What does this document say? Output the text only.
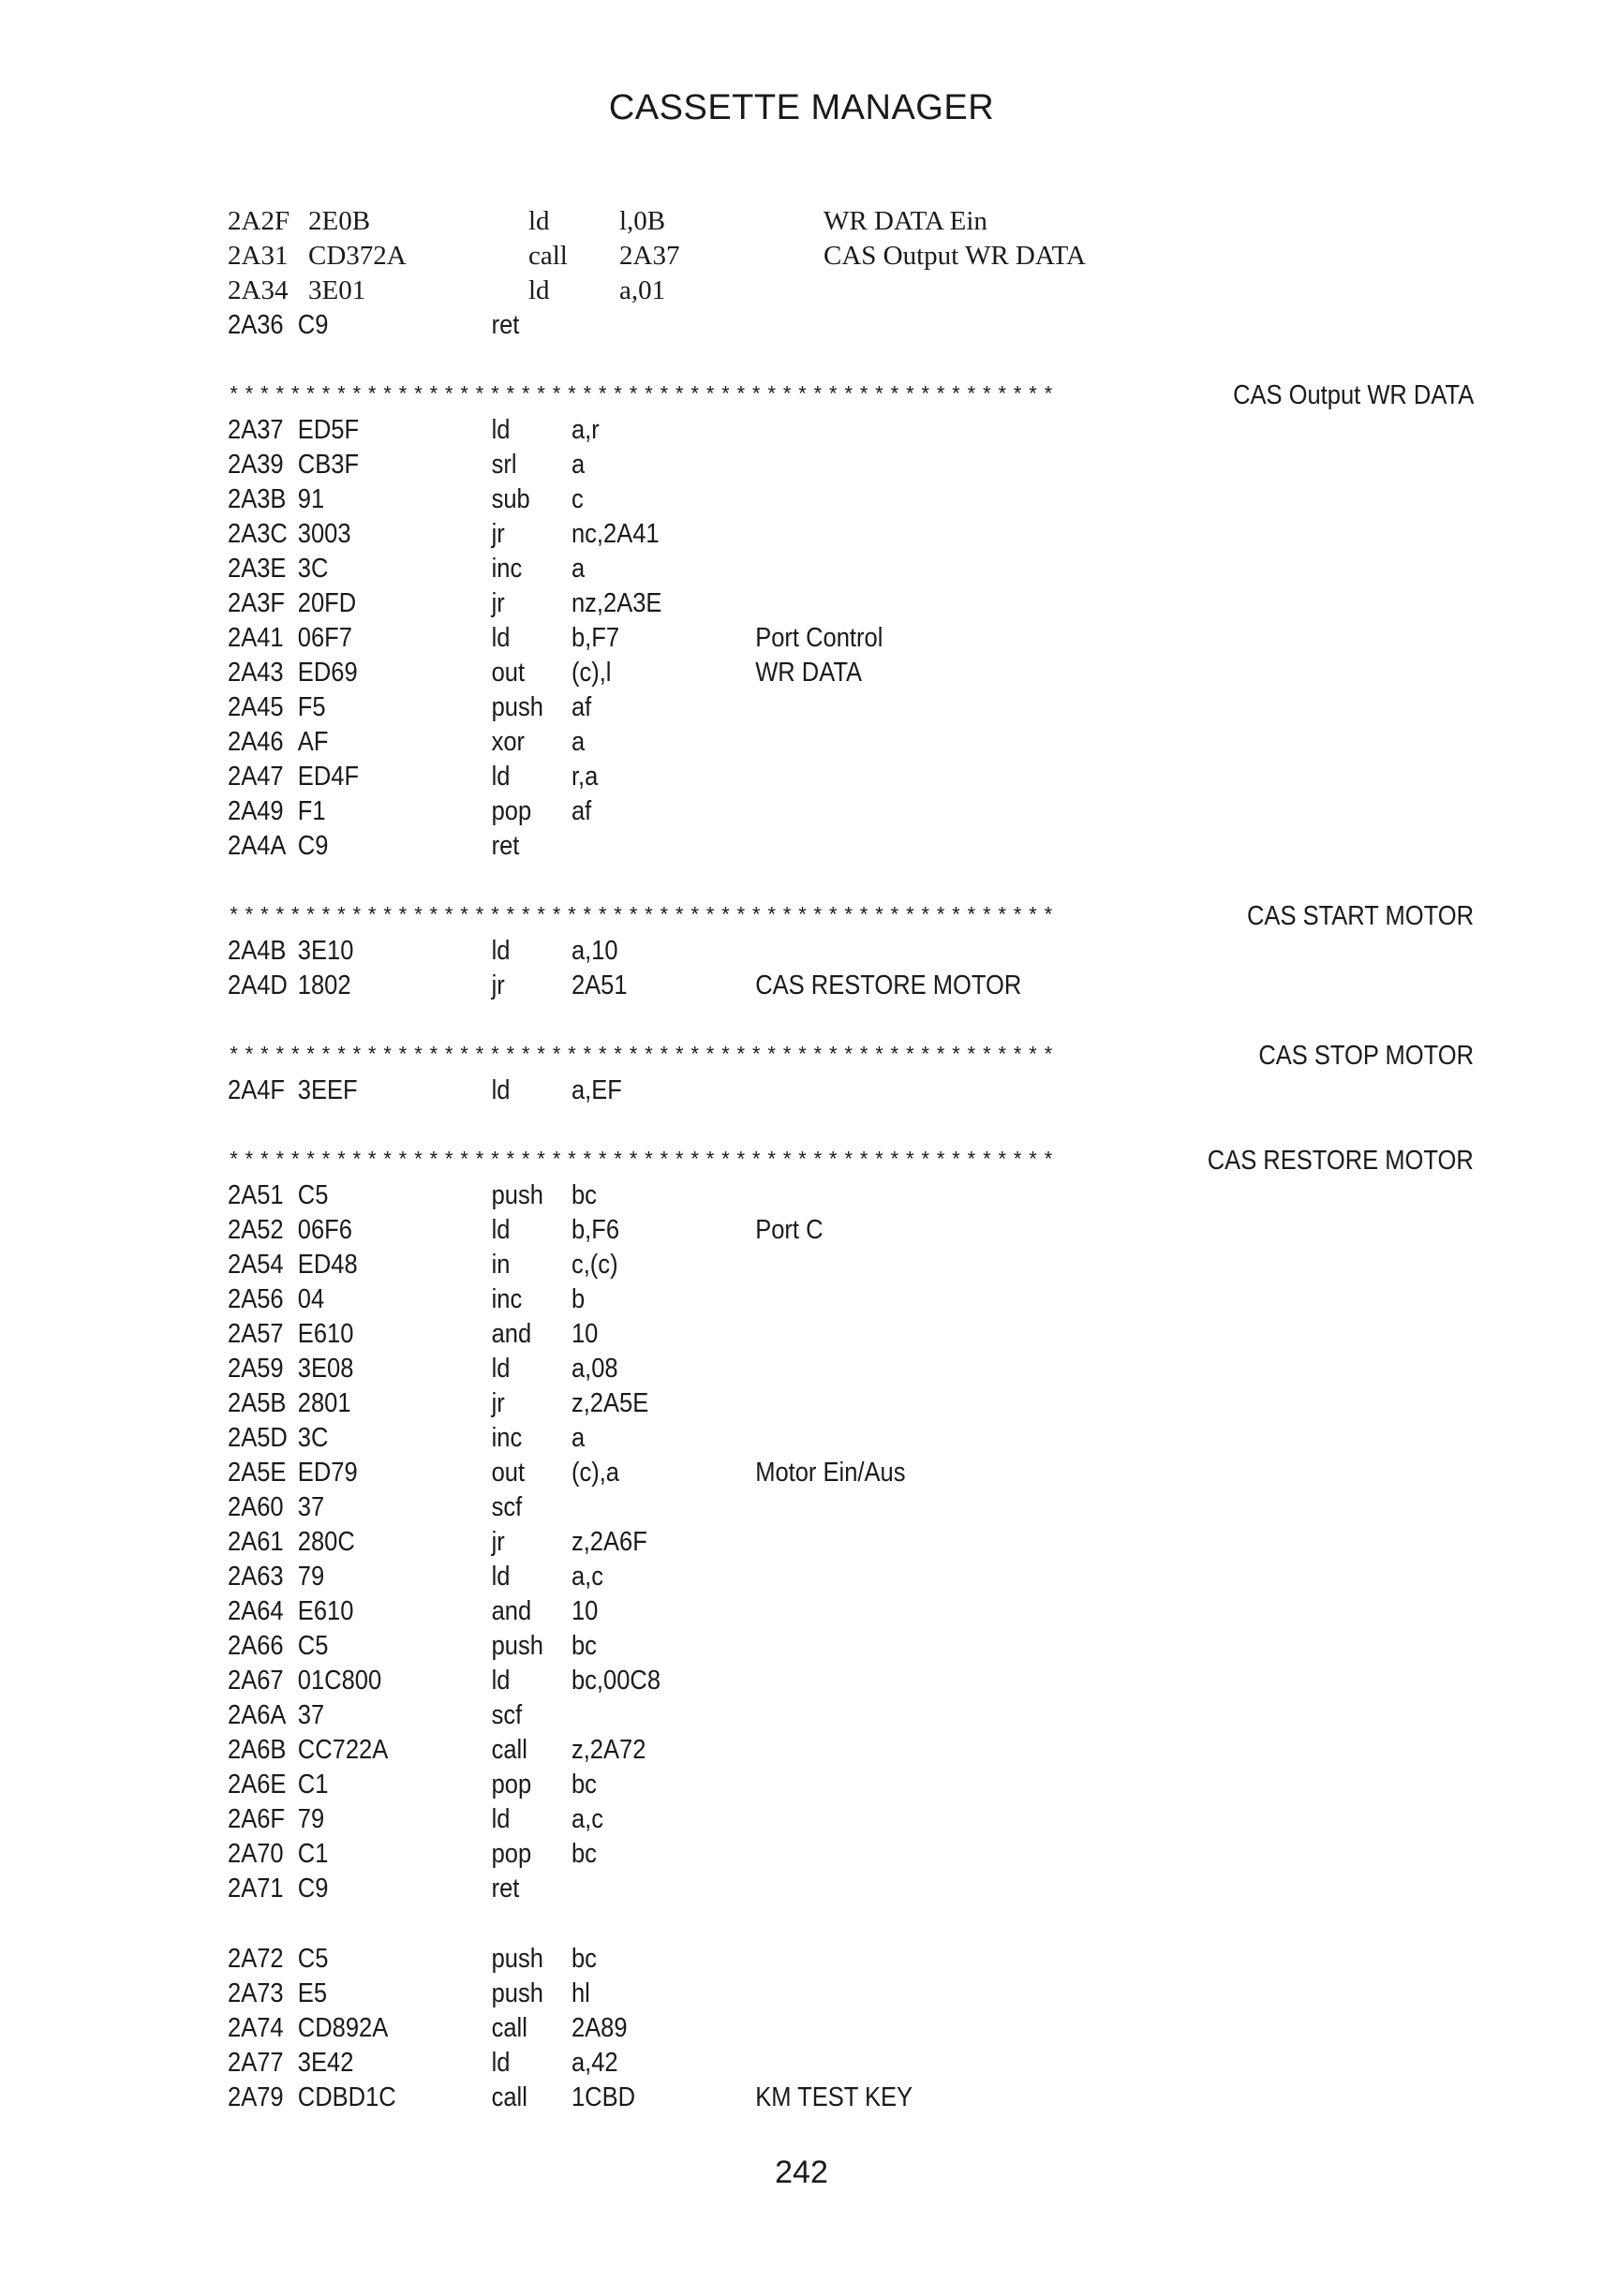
CASSETTE MANAGER
2A2F 2E0B	ld	l,0B	WR DATA Ein
2A31 CD372A	call 2A37	CAS Output WR DATA
2A34 3E01	ld	a,01
2A36 C9	ret
******************************************************	CAS Output WR DATA
2A37 ED5F	ld a,r
2A39 CB3F	srl a
2A3B 91	sub c
2A3C 3003	jr nc,2A41
2A3E 3C	inc a
2A3F 20FD	jr nz,2A3E
2A41 06F7	ld b,F7	Port Control
2A43 ED69	out (c),l	WR DATA
2A45 F5	push af
2A46 AF	xor a
2A47 ED4F	ld r,a
2A49 F1	pop af
2A4A C9	ret
******************************************************	CAS START MOTOR
2A4B 3E10	ld a,10
2A4D 1802	jr 2A51	CAS RESTORE MOTOR
******************************************************	CAS STOP MOTOR
2A4F 3EEF	ld a,EF
******************************************************	CAS RESTORE MOTOR
2A51 C5	push bc
2A52 06F6	ld b,F6	Port C
2A54 ED48	in c,(c)
2A56 04	inc b
2A57 E610	and 10
2A59 3E08	ld a,08
2A5B 2801	jr z,2A5E
2A5D 3C	inc a
2A5E ED79	out (c),a	Motor Ein/Aus
2A60 37	scf
2A61 280C	jr z,2A6F
2A63 79	ld a,c
2A64 E610	and 10
2A66 C5	push bc
2A67 01C800	ld bc,00C8
2A6A 37	scf
2A6B CC722A	call z,2A72
2A6E C1	pop bc
2A6F 79	ld a,c
2A70 C1	pop bc
2A71 C9	ret
2A72 C5	push bc
2A73 E5	push hl
2A74 CD892A	call 2A89
2A77 3E42	ld a,42
2A79 CDBD1C	call 1CBD	KM TEST KEY
242
